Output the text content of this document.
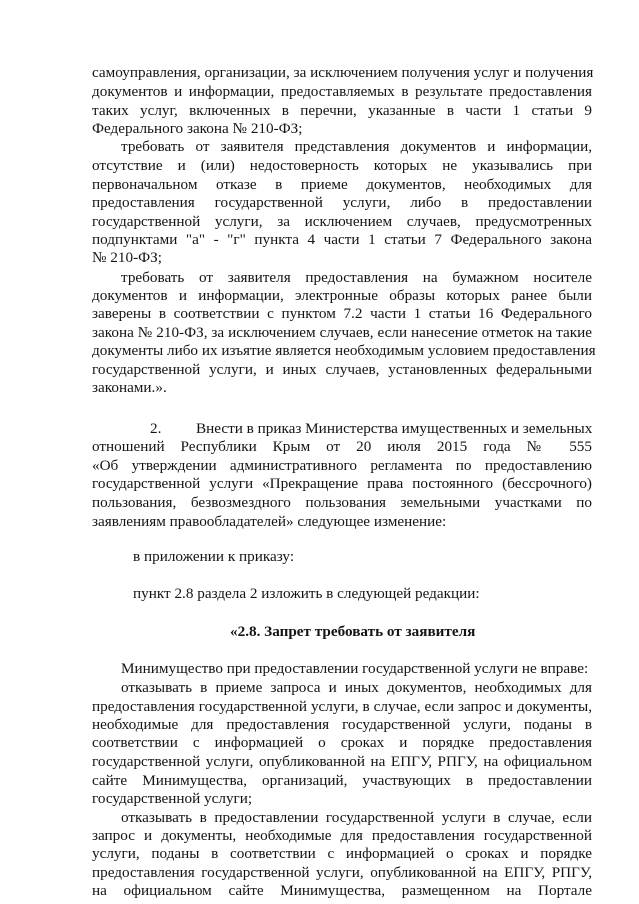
самоуправления, организации, за исключением получения услуг и получения
документов и информации, предоставляемых в результате предоставления
таких услуг, включенных в перечни, указанные в части 1 статьи 9
Федерального закона № 210-ФЗ;
требовать от заявителя представления документов и информации,
отсутствие и (или) недостоверность которых не указывались при
первоначальном отказе в приеме документов, необходимых для
предоставления государственной услуги, либо в предоставлении
государственной услуги, за исключением случаев, предусмотренных
подпунктами "а" - "г" пункта 4 части 1 статьи 7 Федерального закона
№ 210-ФЗ;
требовать от заявителя предоставления на бумажном носителе
документов и информации, электронные образы которых ранее были
заверены в соответствии с пунктом 7.2 части 1 статьи 16 Федерального
закона № 210-ФЗ, за исключением случаев, если нанесение отметок на такие
документы либо их изъятие является необходимым условием предоставления
государственной услуги, и иных случаев, установленных федеральными
законами.».
2. Внести в приказ Министерства имущественных и земельных
отношений Республики Крым от 20 июля 2015 года № 555
«Об утверждении административного регламента по предоставлению
государственной услуги «Прекращение права постоянного (бессрочного)
пользования, безвозмездного пользования земельными участками по
заявлениям правообладателей» следующее изменение:
в приложении к приказу:
пункт 2.8 раздела 2 изложить в следующей редакции:
«2.8. Запрет требовать от заявителя
Минимущество при предоставлении государственной услуги не вправе:
отказывать в приеме запроса и иных документов, необходимых для
предоставления государственной услуги, в случае, если запрос и документы,
необходимые для предоставления государственной услуги, поданы в
соответствии с информацией о сроках и порядке предоставления
государственной услуги, опубликованной на ЕПГУ, РПГУ, на официальном
сайте Минимущества, организаций, участвующих в предоставлении
государственной услуги;
отказывать в предоставлении государственной услуги в случае, если
запрос и документы, необходимые для предоставления государственной
услуги, поданы в соответствии с информацией о сроках и порядке
предоставления государственной услуги, опубликованной на ЕПГУ, РПГУ,
на официальном сайте Минимущества, размещенном на Портале
